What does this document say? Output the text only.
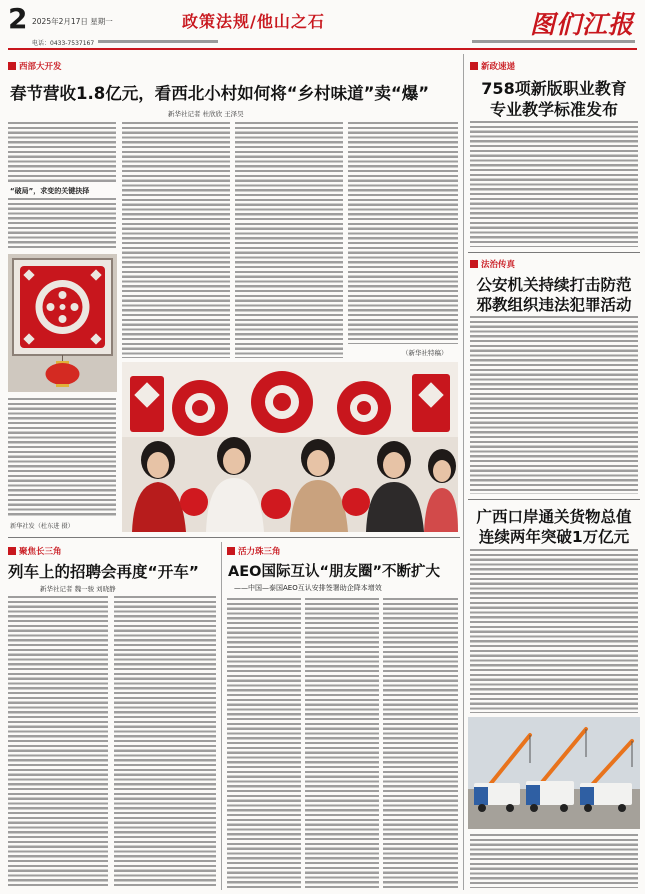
2 2025年2月17日 星期一	政策法规/他山之石	图们江报
电话：0433-7537167
西部大开发
春节营收1.8亿元，看西北小村如何将“乡村味道”卖“爆”
新华社记者 杜欣欣 王泽昊
“破局”，求变的关键抉择
新华社发（杜东进 摄）
（新华社特稿）
新政速递
758项新版职业教育
专业教学标准发布
法治传真
公安机关持续打击防范
邪教组织违法犯罪活动
广西口岸通关货物总值
连续两年突破1万亿元
聚焦长三角
列车上的招聘会再度“开车”
新华社记者 魏一骏 刘晓静
活力珠三角
AEO国际互认“朋友圈”不断扩大
——中国—泰国AEO互认安排签署助企降本增效
